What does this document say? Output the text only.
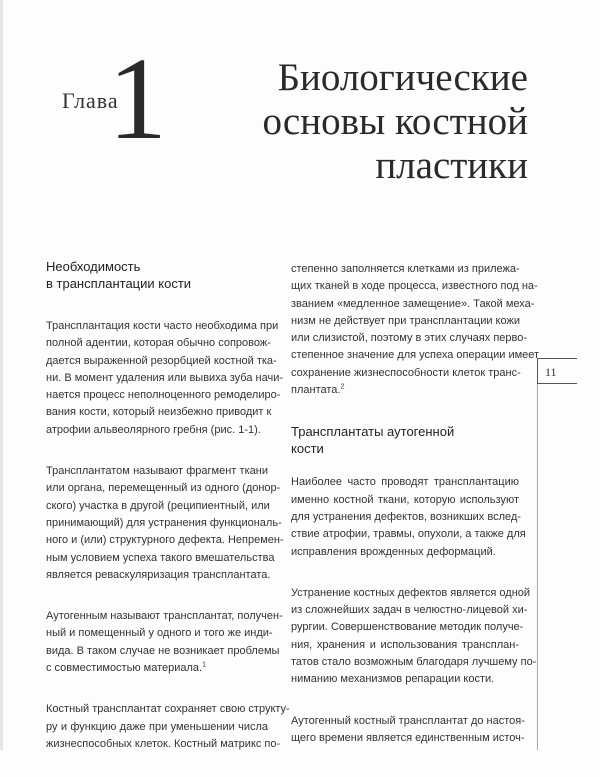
Глава
1	Биологические
основы костной
пластики
11
Необходимость
в трансплантации кости

Трансплантация кости часто необходима при
полной адентии, которая обычно сопровож-
дается выраженной резорбцией костной тка-
ни. В момент удаления или вывиха зуба начи-
нается процесс неполноценного ремоделиро-
вания кости, который неизбежно приводит к
атрофии альвеолярного гребня (рис. 1-1).

Трансплантатом называют фрагмент ткани
или органа, перемещенный из одного (донор-
ского) участка в другой (реципиентный, или
принимающий) для устранения функциональ-
ного и (или) структурного дефекта. Непремен-
ным условием успеха такого вмешательства
является реваскуляризация трансплантата.

Аутогенным называют трансплантат, получен-
ный и помещенный у одного и того же инди-
вида. В таком случае не возникает проблемы
с совместимостью материала.$^1$

Костный трансплантат сохраняет свою структу-
ру и функцию даже при уменьшении числа
жизнеспособных клеток. Костный матрикс по-

степенно заполняется клетками из прилежа-
щих тканей в ходе процесса, известного под на-
званием «медленное замещение». Такой меха-
низм не действует при трансплантации кожи
или слизистой, поэтому в этих случаях перво-
степенное значение для успеха операции имеет
сохранение жизнеспособности клеток транс-
плантата.$^2$

Трансплантаты аутогенной
кости

Наиболее часто проводят трансплантацию
именно костной ткани, которую используют
для устранения дефектов, возникших вслед-
ствие атрофии, травмы, опухоли, а также для
исправления врожденных деформаций.

Устранение костных дефектов является одной
из сложнейших задач в челюстно-лицевой хи-
рургии. Совершенствование методик получе-
ния, хранения и использования трансплан-
татов стало возможным благодаря лучшему по-
ниманию механизмов репарации кости.

Аутогенный костный трансплантат до настоя-
щего времени является единственным источ-
